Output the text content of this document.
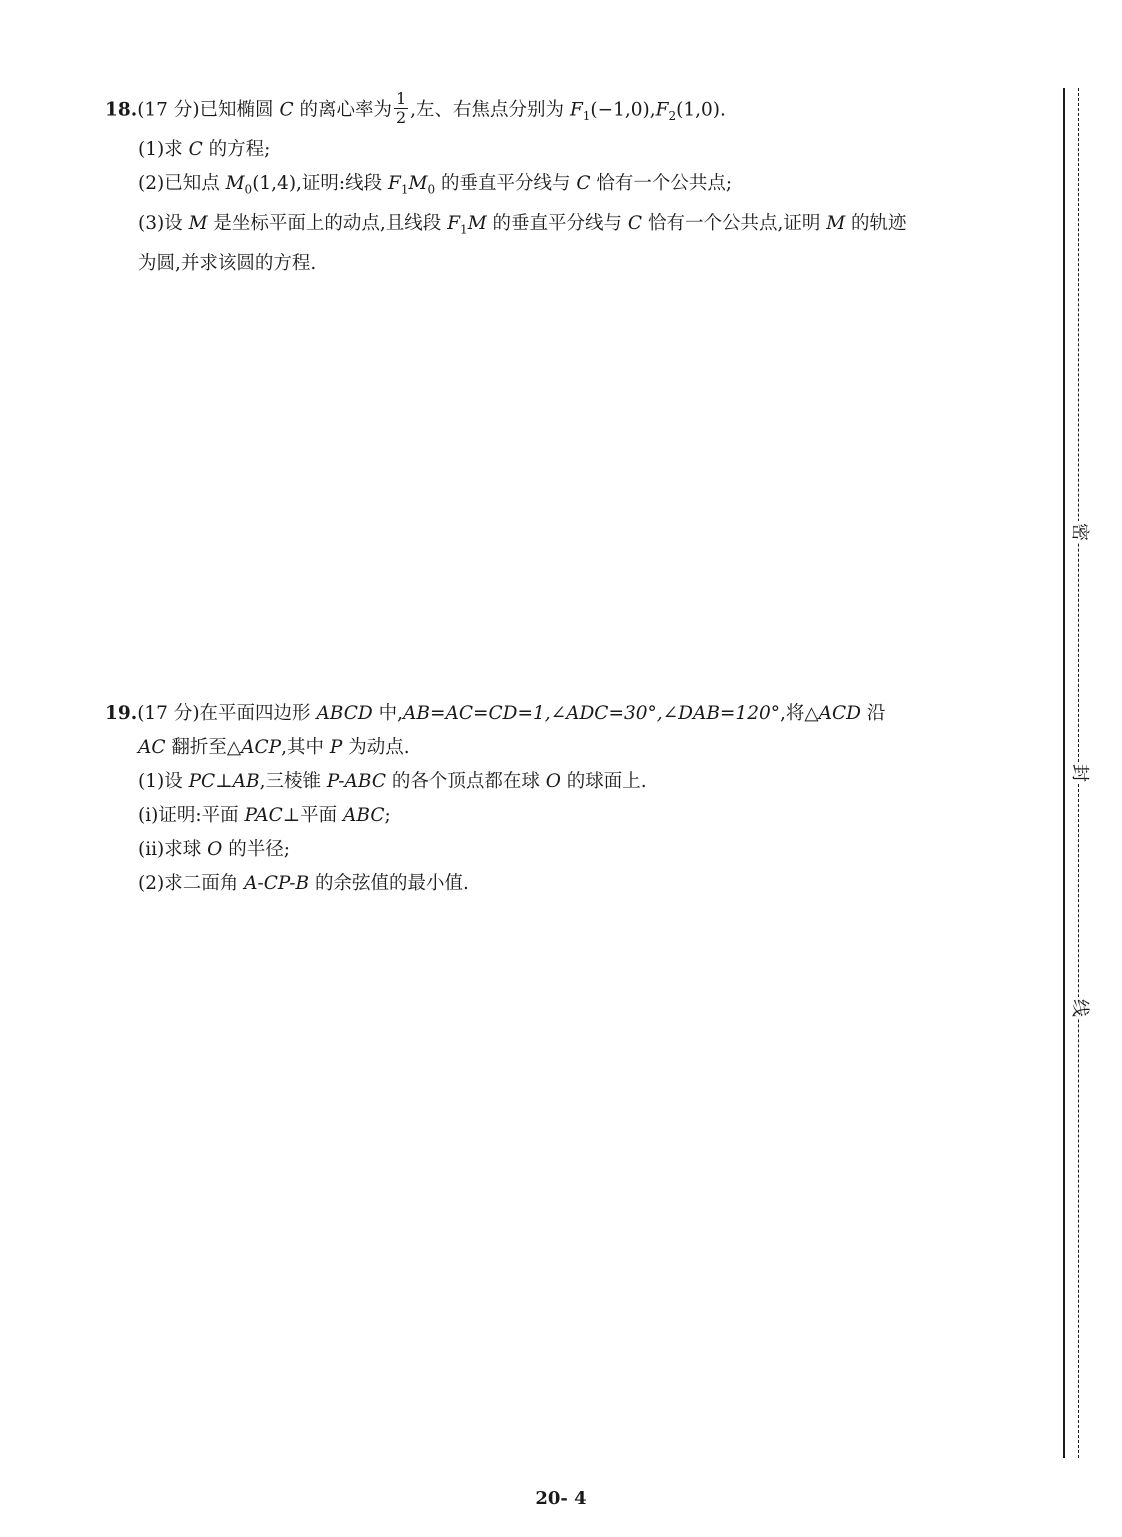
18.(17 分)已知椭圆 C 的离心率为 $\frac{1}{2}$ ,左、右焦点分别为 $F_1(-1,0),F_2(1,0)$.
(1)求 C 的方程;
(2)已知点 $M_0(1,4)$,证明:线段 $F_1M_0$ 的垂直平分线与 C 恰有一个公共点;
(3)设 M 是坐标平面上的动点,且线段 $F_1M$ 的垂直平分线与 C 恰有一个公共点,证明 M 的轨迹
为圆,并求该圆的方程.
19.(17 分)在平面四边形 ABCD 中,AB=AC=CD=1,∠ADC=30°,∠DAB=120°,将△ACD 沿
AC 翻折至△ACP,其中 P 为动点.
(1)设 PC⊥AB,三棱锥 P-ABC 的各个顶点都在球 O 的球面上.
(ⅰ)证明:平面 PAC⊥平面 ABC;
(ⅱ)求球 O 的半径;
(2)求二面角 A-CP-B 的余弦值的最小值.
密
封
线
20- 4
